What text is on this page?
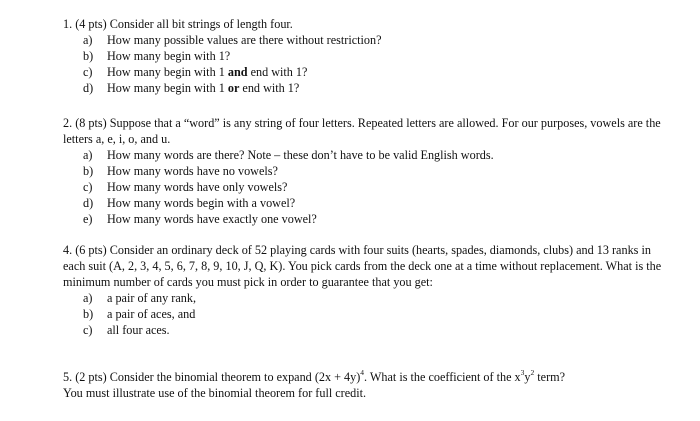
1. (4 pts) Consider all bit strings of length four.

a)	How many possible values are there without restriction?
b)	How many begin with 1?
c)	How many begin with 1 and end with 1?
d)	How many begin with 1 or end with 1?

2. (8 pts) Suppose that a “word” is any string of four letters. Repeated letters are allowed. For our purposes, vowels are the letters a, e, i, o, and u.

a)	How many words are there? Note – these don’t have to be valid English words.
b)	How many words have no vowels?
c)	How many words have only vowels?
d)	How many words begin with a vowel?
e)	How many words have exactly one vowel?

4. (6 pts) Consider an ordinary deck of 52 playing cards with four suits (hearts, spades, diamonds, clubs) and 13 ranks in each suit (A, 2, 3, 4, 5, 6, 7, 8, 9, 10, J, Q, K). You pick cards from the deck one at a time without replacement. What is the minimum number of cards you must pick in order to guarantee that you get:

a)	a pair of any rank,
b)	a pair of aces, and
c)	all four aces.

5. (2 pts) Consider the binomial theorem to expand $(2x + 4y)^4$. What is the coefficient of the $x^3y^2$ term?

You must illustrate use of the binomial theorem for full credit.
